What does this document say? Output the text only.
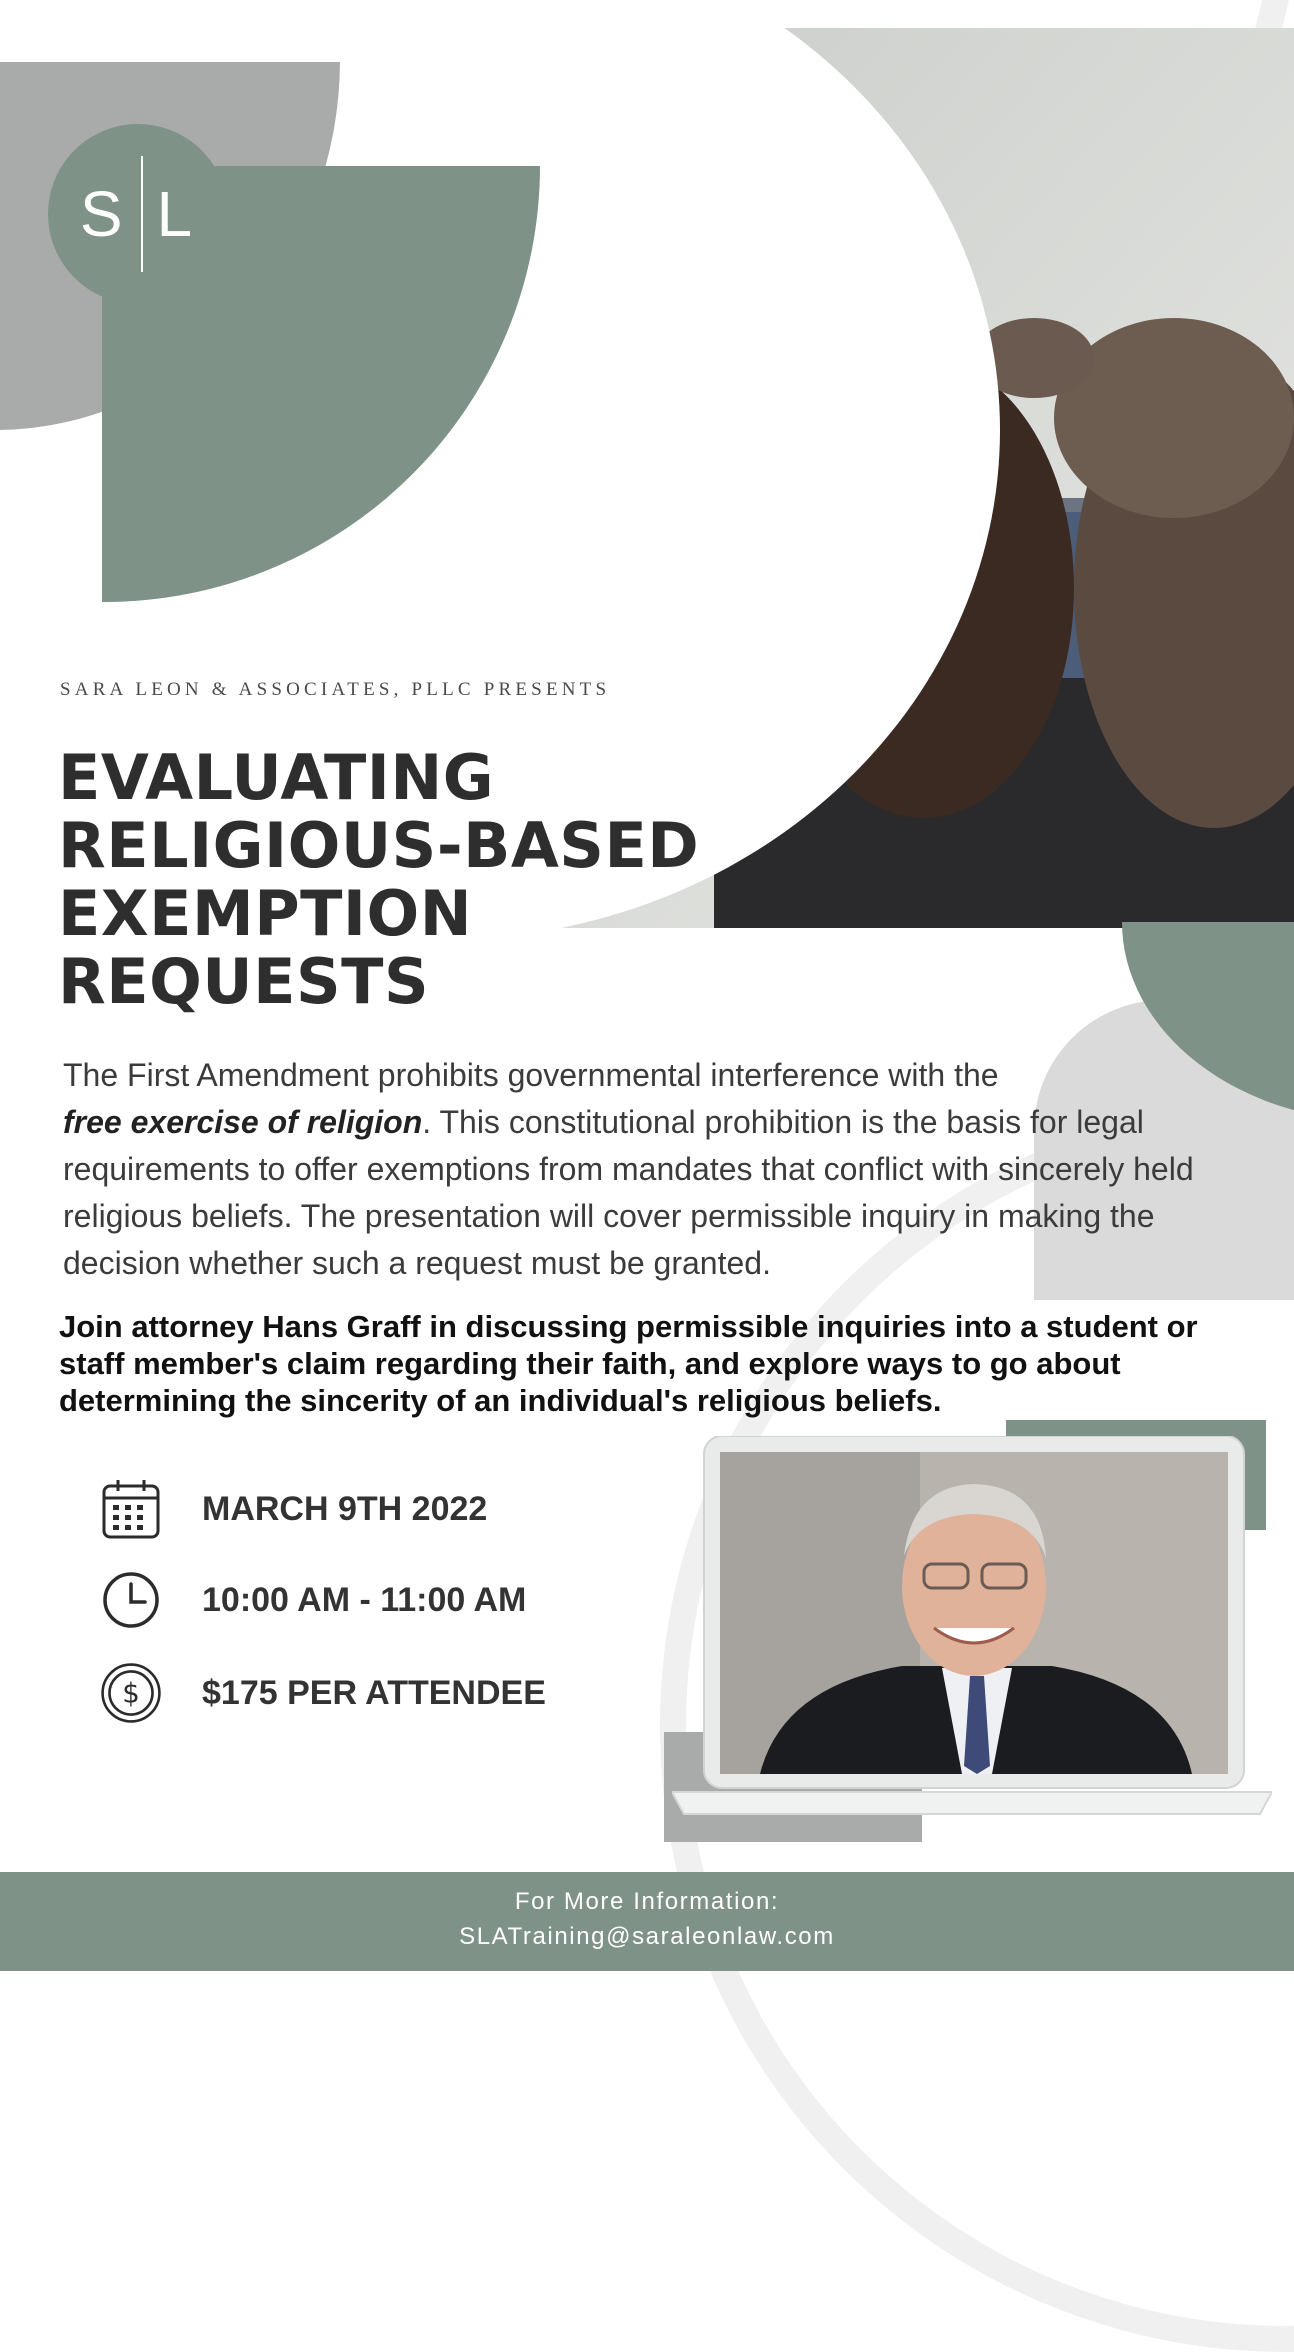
S L
SARA LEON & ASSOCIATES, PLLC PRESENTS
EVALUATING
RELIGIOUS-BASED
EXEMPTION
REQUESTS
The First Amendment prohibits governmental interference with the
free exercise of religion. This constitutional prohibition is the basis for legal requirements to offer exemptions from mandates that conflict with sincerely held religious beliefs. The presentation will cover permissible inquiry in making the decision whether such a request must be granted.
Join attorney Hans Graff in discussing permissible inquiries into a student or staff member's claim regarding their faith, and explore ways to go about determining the sincerity of an individual's religious beliefs.
MARCH 9TH 2022
10:00 AM - 11:00 AM
$ $175 PER ATTENDEE
For More Information:
SLATraining@saraleonlaw.com
